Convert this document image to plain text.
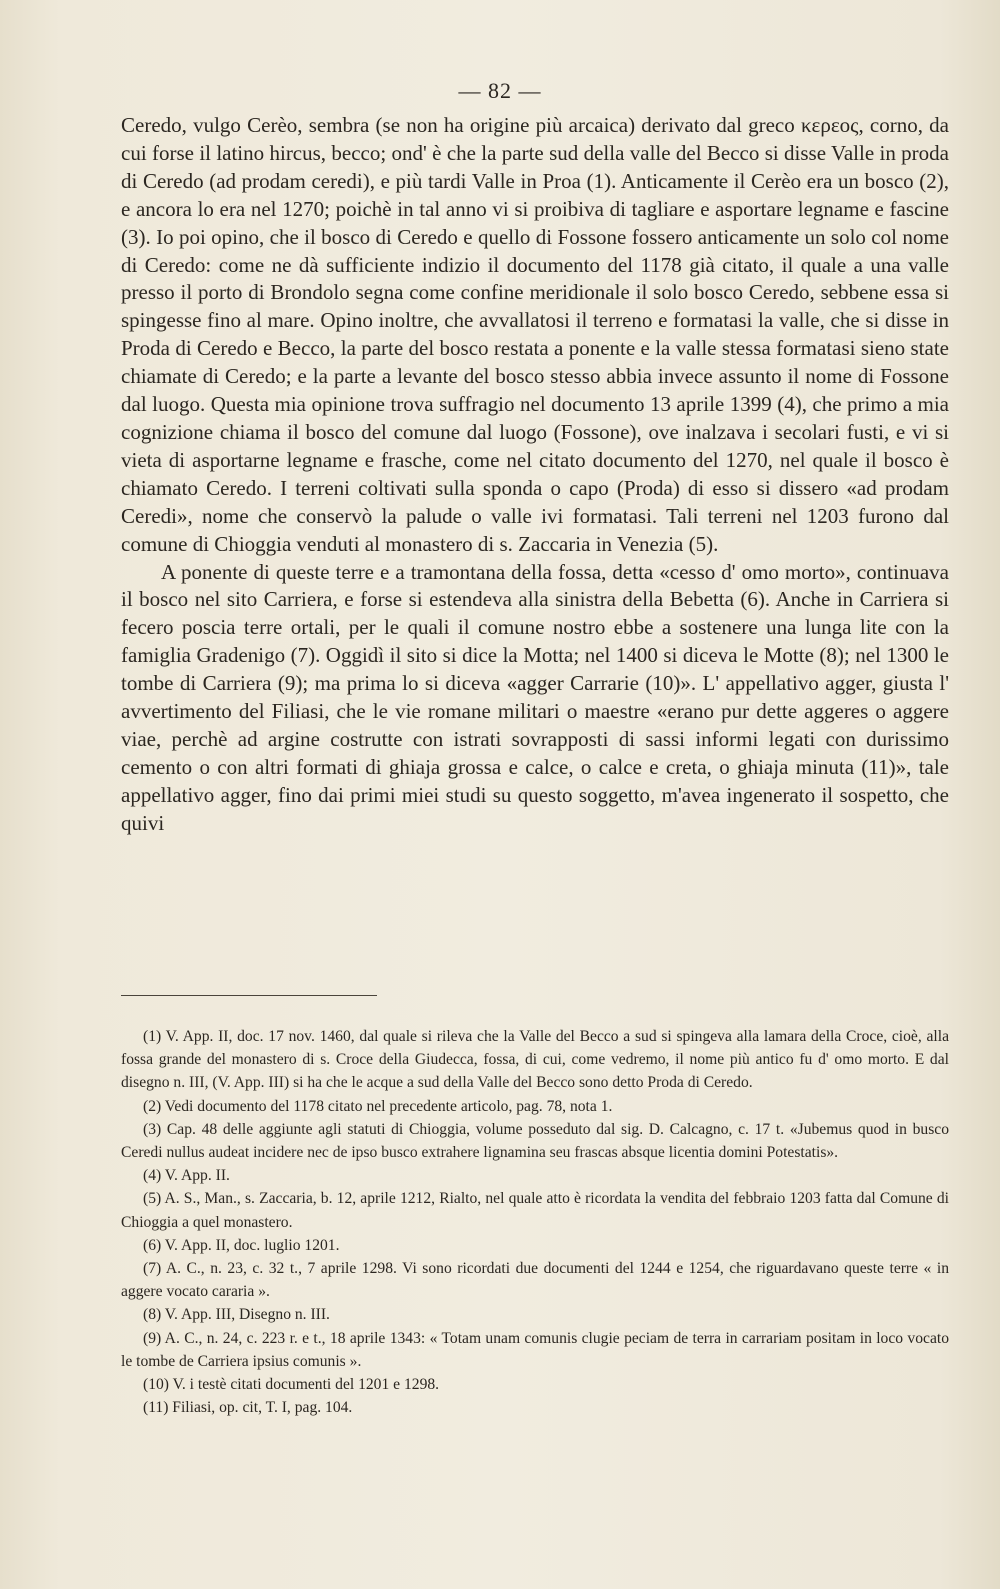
— 82 —

Ceredo, vulgo Cerèo, sembra (se non ha origine più arcaica) derivato dal greco κερεος, corno, da cui forse il latino hircus, becco; ond' è che la parte sud della valle del Becco si disse Valle in proda di Ceredo (ad prodam ceredi), e più tardi Valle in Proa (1). Anticamente il Cerèo era un bosco (2), e ancora lo era nel 1270; poichè in tal anno vi si proibiva di tagliare e asportare legname e fascine (3). Io poi opino, che il bosco di Ceredo e quello di Fossone fossero anticamente un solo col nome di Ceredo: come ne dà sufficiente indizio il documento del 1178 già citato, il quale a una valle presso il porto di Brondolo segna come confine meridionale il solo bosco Ceredo, sebbene essa si spingesse fino al mare. Opino inoltre, che avvallatosi il terreno e formatasi la valle, che si disse in Proda di Ceredo e Becco, la parte del bosco restata a ponente e la valle stessa formatasi sieno state chiamate di Ceredo; e la parte a levante del bosco stesso abbia invece assunto il nome di Fossone dal luogo. Questa mia opinione trova suffragio nel documento 13 aprile 1399 (4), che primo a mia cognizione chiama il bosco del comune dal luogo (Fossone), ove inalzava i secolari fusti, e vi si vieta di asportarne legname e frasche, come nel citato documento del 1270, nel quale il bosco è chiamato Ceredo. I terreni coltivati sulla sponda o capo (Proda) di esso si dissero «ad prodam Ceredi», nome che conservò la palude o valle ivi formatasi. Tali terreni nel 1203 furono dal comune di Chioggia venduti al monastero di s. Zaccaria in Venezia (5).

A ponente di queste terre e a tramontana della fossa, detta «cesso d' omo morto», continuava il bosco nel sito Carriera, e forse si estendeva alla sinistra della Bebetta (6). Anche in Carriera si fecero poscia terre ortali, per le quali il comune nostro ebbe a sostenere una lunga lite con la famiglia Gradenigo (7). Oggidì il sito si dice la Motta; nel 1400 si diceva le Motte (8); nel 1300 le tombe di Carriera (9); ma prima lo si diceva «agger Carrarie (10)». L' appellativo agger, giusta l' avvertimento del Filiasi, che le vie romane militari o maestre «erano pur dette aggeres o aggere viae, perchè ad argine costrutte con istrati sovrapposti di sassi informi legati con durissimo cemento o con altri formati di ghiaja grossa e calce, o calce e creta, o ghiaja minuta (11)», tale appellativo agger, fino dai primi miei studi su questo soggetto, m'avea ingenerato il sospetto, che quivi

(1) V. App. II, doc. 17 nov. 1460, dal quale si rileva che la Valle del Becco a sud si spingeva alla lamara della Croce, cioè, alla fossa grande del monastero di s. Croce della Giudecca, fossa, di cui, come vedremo, il nome più antico fu d' omo morto. E dal disegno n. III, (V. App. III) si ha che le acque a sud della Valle del Becco sono detto Proda di Ceredo.

(2) Vedi documento del 1178 citato nel precedente articolo, pag. 78, nota 1.

(3) Cap. 48 delle aggiunte agli statuti di Chioggia, volume posseduto dal sig. D. Calcagno, c. 17 t. «Jubemus quod in busco Ceredi nullus audeat incidere nec de ipso busco extrahere lignamina seu frascas absque licentia domini Potestatis».

(4) V. App. II.

(5) A. S., Man., s. Zaccaria, b. 12, aprile 1212, Rialto, nel quale atto è ricordata la vendita del febbraio 1203 fatta dal Comune di Chioggia a quel monastero.

(6) V. App. II, doc. luglio 1201.

(7) A. C., n. 23, c. 32 t., 7 aprile 1298. Vi sono ricordati due documenti del 1244 e 1254, che riguardavano queste terre « in aggere vocato cararia ».

(8) V. App. III, Disegno n. III.

(9) A. C., n. 24, c. 223 r. e t., 18 aprile 1343: « Totam unam comunis clugie peciam de terra in carrariam positam in loco vocato le tombe de Carriera ipsius comunis ».

(10) V. i testè citati documenti del 1201 e 1298.

(11) Filiasi, op. cit, T. I, pag. 104.
